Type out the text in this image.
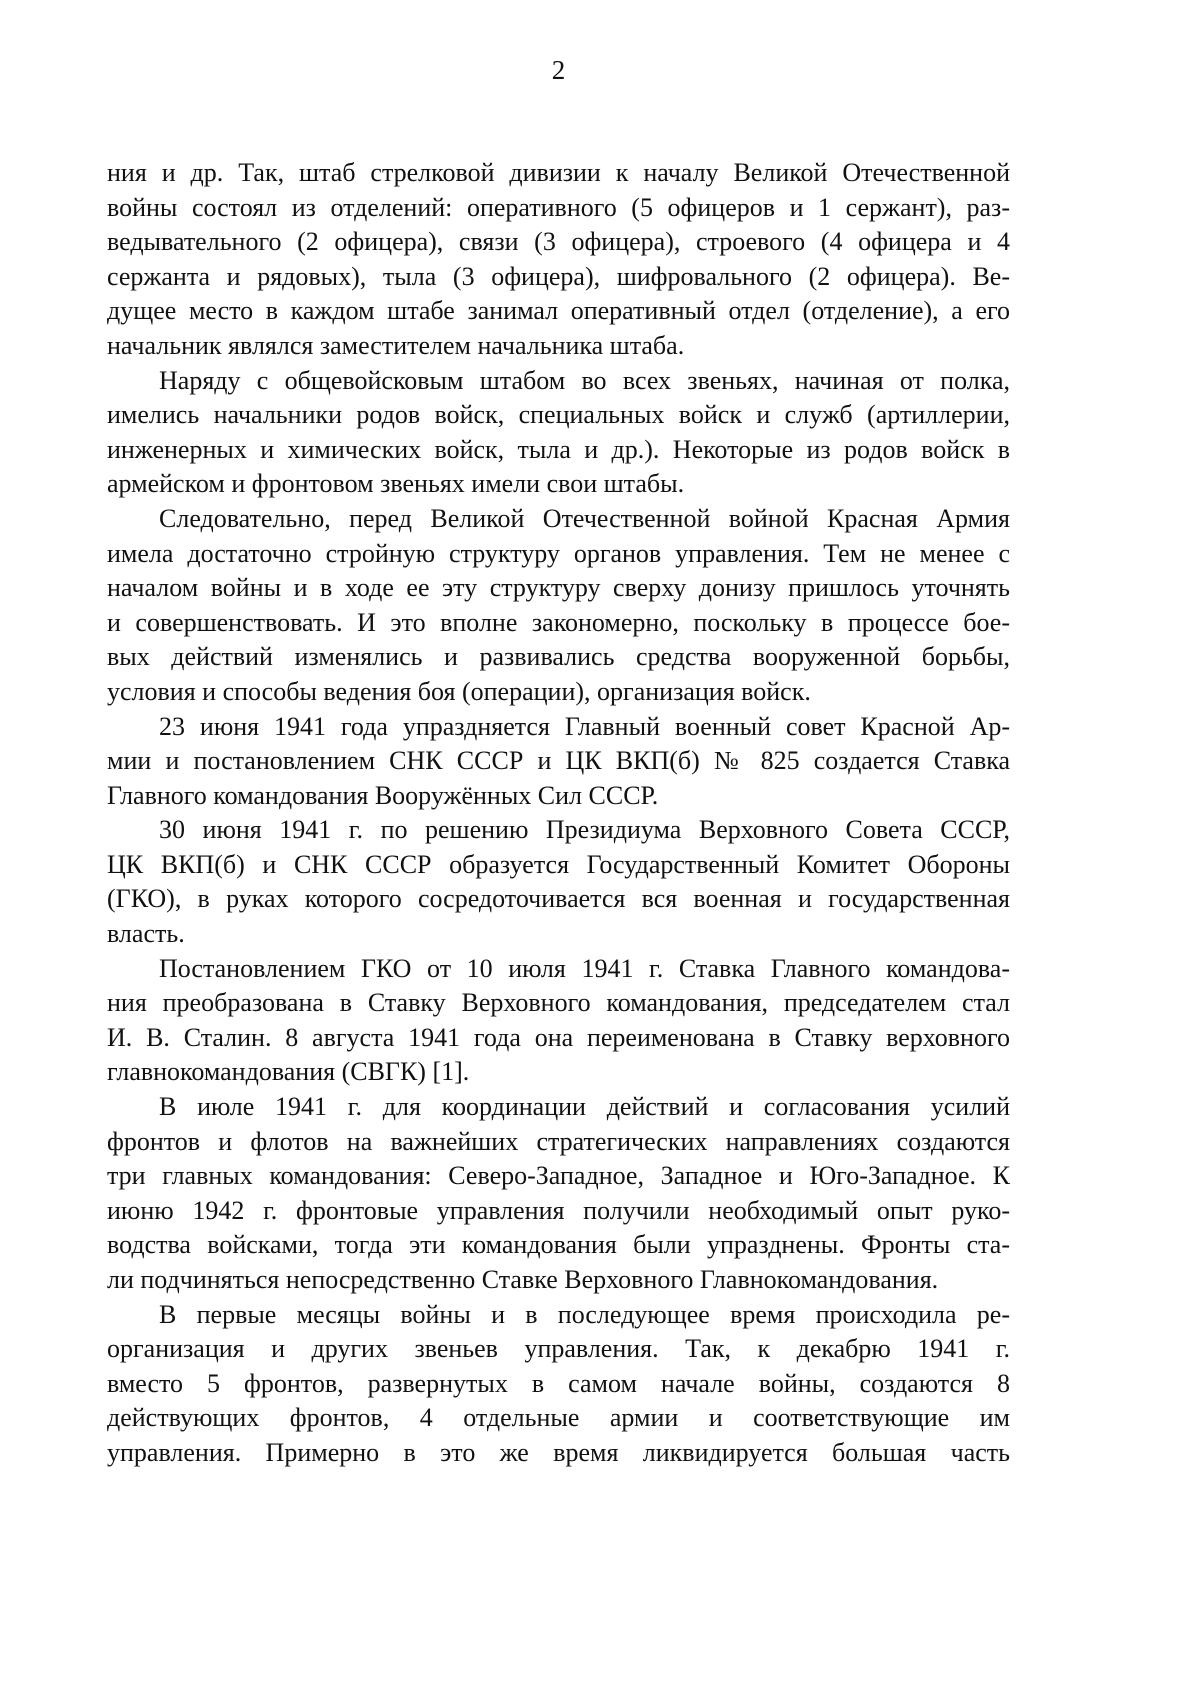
2
ния и др. Так, штаб стрелковой дивизии к началу Великой Отечественной
войны состоял из отделений: оперативного (5 офицеров и 1 сержант), раз-
ведывательного (2 офицера), связи (3 офицера), строевого (4 офицера и 4
сержанта и рядовых), тыла (3 офицера), шифровального (2 офицера). Ве-
дущее место в каждом штабе занимал оперативный отдел (отделение), а его
начальник являлся заместителем начальника штаба.
Наряду с общевойсковым штабом во всех звеньях, начиная от полка,
имелись начальники родов войск, специальных войск и служб (артиллерии,
инженерных и химических войск, тыла и др.). Некоторые из родов войск в
армейском и фронтовом звеньях имели свои штабы.
Следовательно, перед Великой Отечественной войной Красная Армия
имела достаточно стройную структуру органов управления. Тем не менее с
началом войны и в ходе ее эту структуру сверху донизу пришлось уточнять
и совершенствовать. И это вполне закономерно, поскольку в процессе бое-
вых действий изменялись и развивались средства вооруженной борьбы,
условия и способы ведения боя (операции), организация войск.
23 июня 1941 года упраздняется Главный военный совет Красной Ар-
мии и постановлением СНК СССР и ЦК ВКП(б) № 825 создается Ставка
Главного командования Вооружённых Сил СССР.
30 июня 1941 г. по решению Президиума Верховного Совета СССР,
ЦК ВКП(б) и СНК СССР образуется Государственный Комитет Обороны
(ГКО), в руках которого сосредоточивается вся военная и государственная
власть.
Постановлением ГКО от 10 июля 1941 г. Ставка Главного командова-
ния преобразована в Ставку Верховного командования, председателем стал
И. В. Сталин. 8 августа 1941 года она переименована в Ставку верховного
главнокомандования (СВГК) [1].
В июле 1941 г. для координации действий и согласования усилий
фронтов и флотов на важнейших стратегических направлениях создаются
три главных командования: Северо-Западное, Западное и Юго-Западное. К
июню 1942 г. фронтовые управления получили необходимый опыт руко-
водства войсками, тогда эти командования были упразднены. Фронты ста-
ли подчиняться непосредственно Ставке Верховного Главнокомандования.
В первые месяцы войны и в последующее время происходила ре-
организация и других звеньев управления. Так, к декабрю 1941 г.
вместо 5 фронтов, развернутых в самом начале войны, создаются 8
действующих фронтов, 4 отдельные армии и соответствующие им
управления. Примерно в это же время ликвидируется большая часть
